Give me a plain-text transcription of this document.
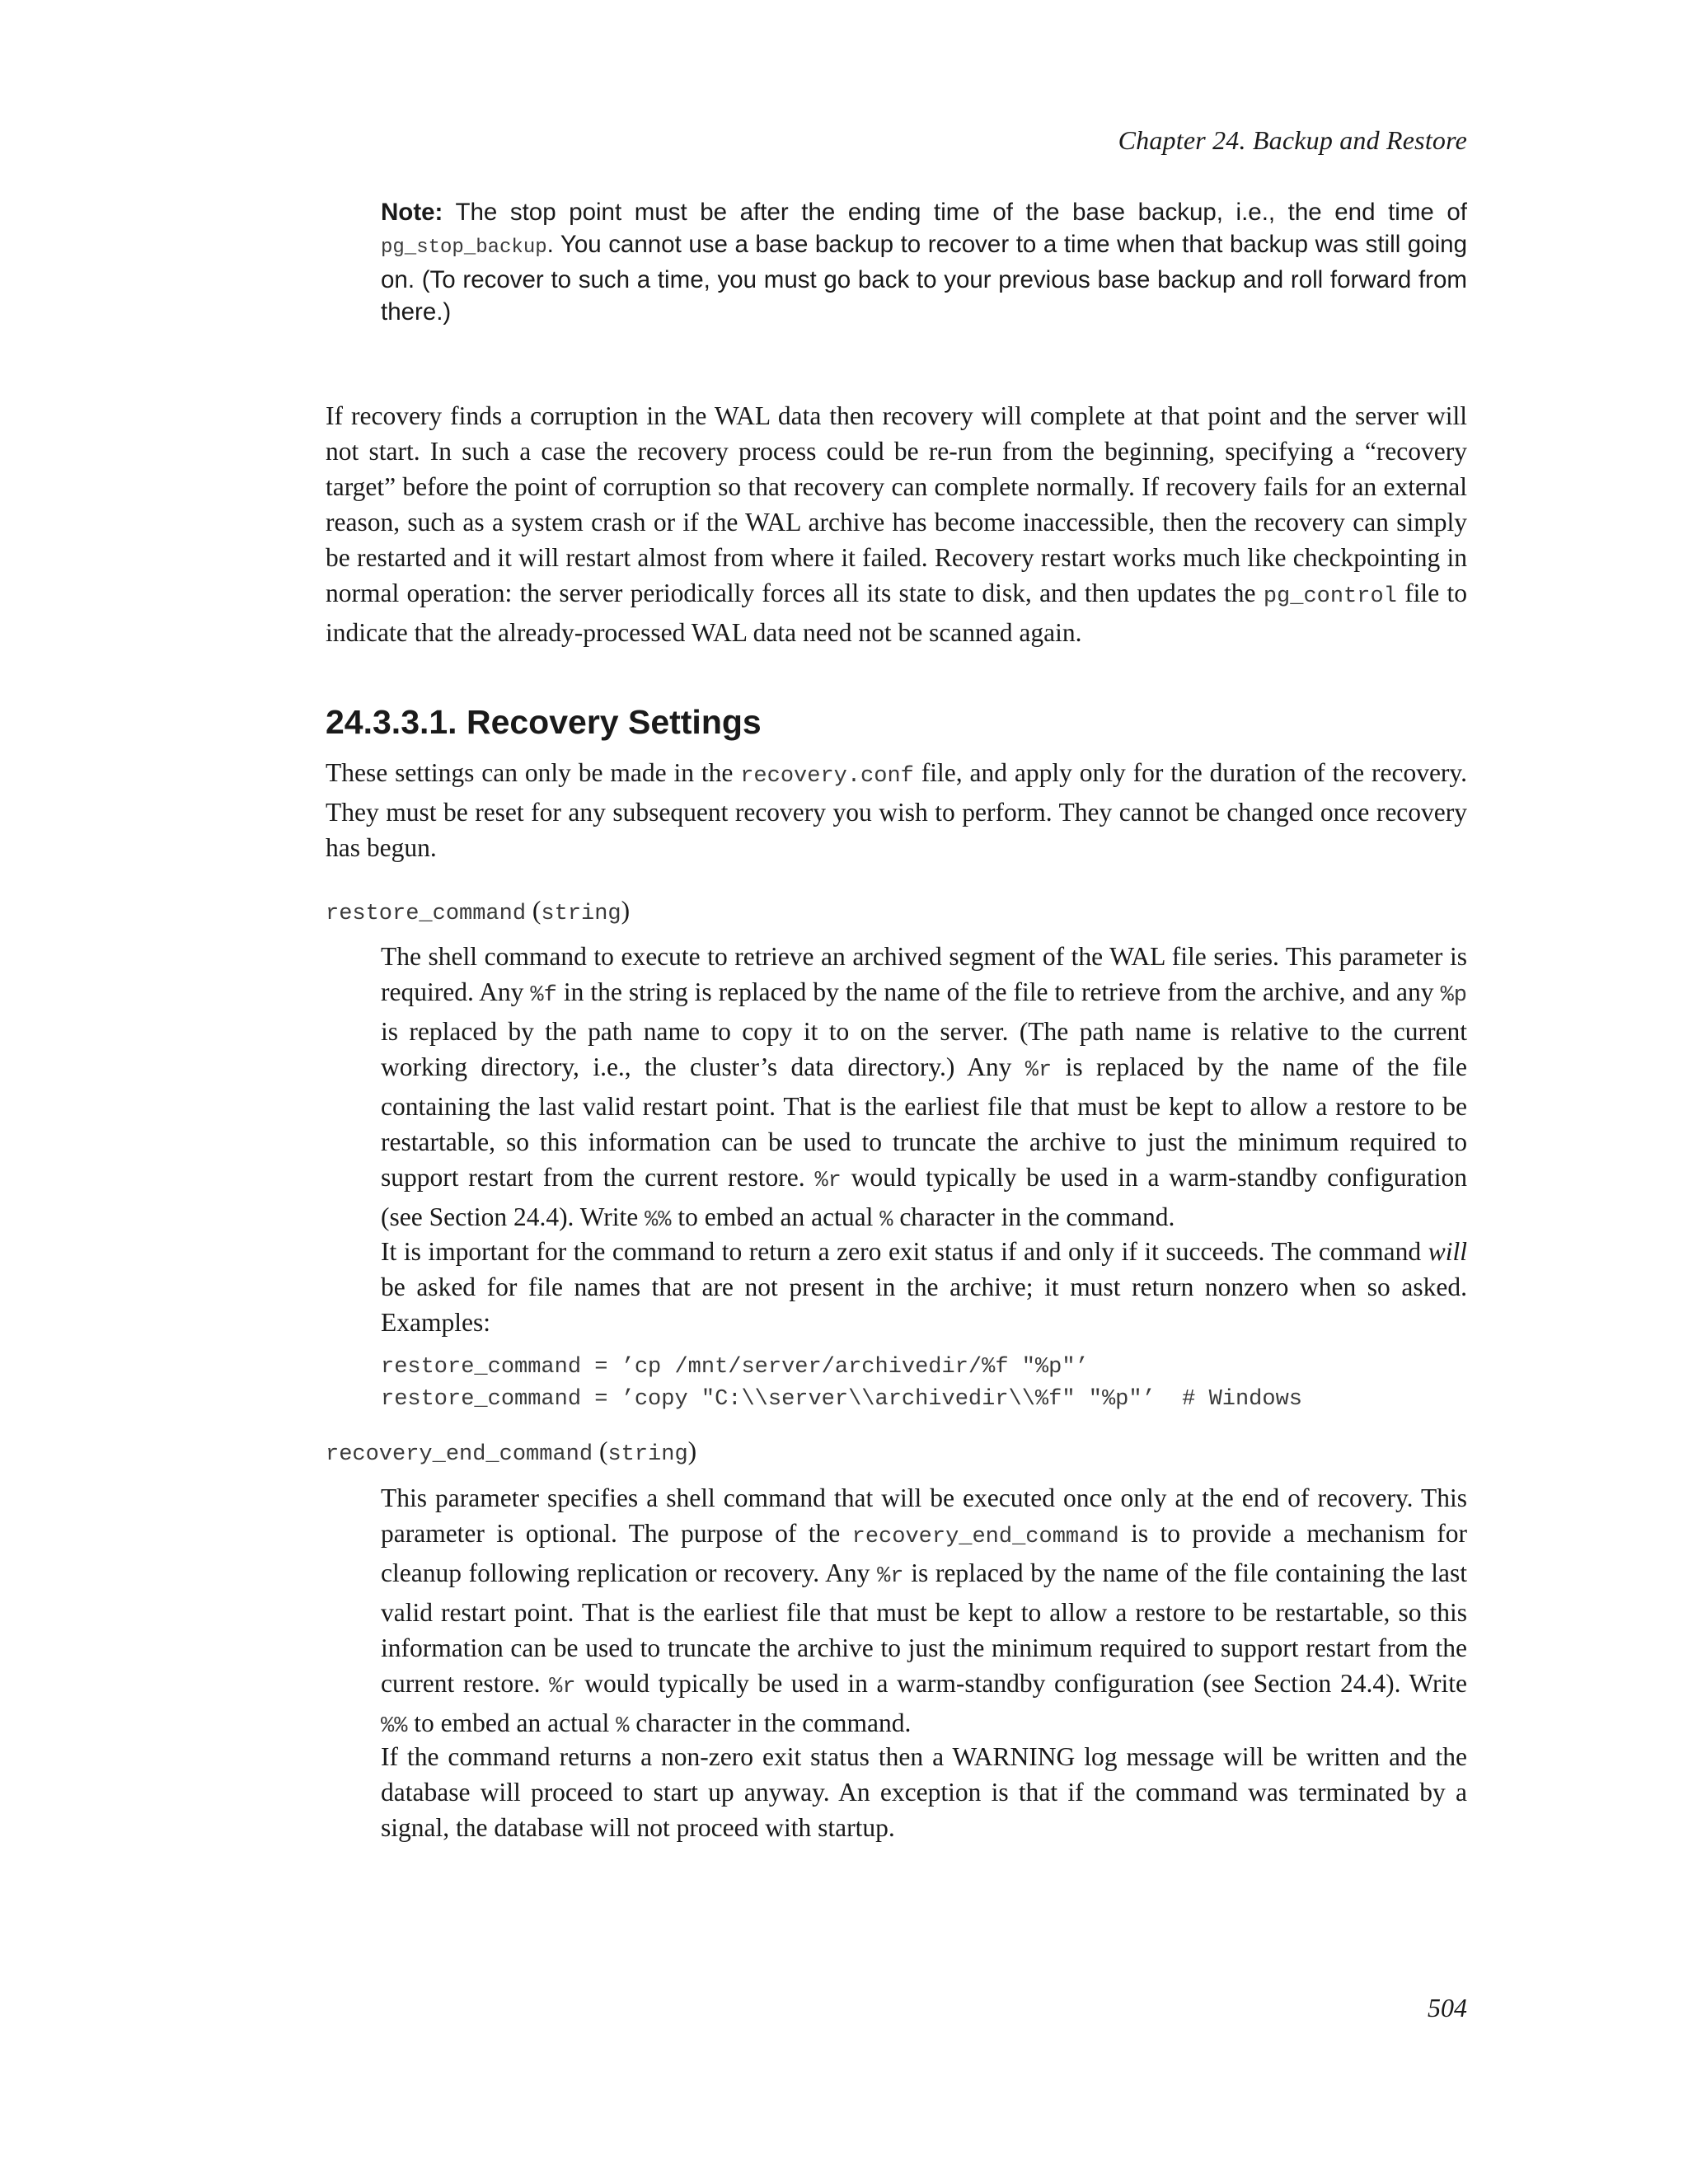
Chapter 24. Backup and Restore

Note: The stop point must be after the ending time of the base backup, i.e., the end time of pg_stop_backup. You cannot use a base backup to recover to a time when that backup was still going on. (To recover to such a time, you must go back to your previous base backup and roll forward from there.)

If recovery finds a corruption in the WAL data then recovery will complete at that point and the server will not start. In such a case the recovery process could be re-run from the beginning, specifying a “recovery target” before the point of corruption so that recovery can complete normally. If recovery fails for an external reason, such as a system crash or if the WAL archive has become inaccessible, then the recovery can simply be restarted and it will restart almost from where it failed. Recovery restart works much like checkpointing in normal operation: the server periodically forces all its state to disk, and then updates the pg_control file to indicate that the already-processed WAL data need not be scanned again.

24.3.3.1. Recovery Settings

These settings can only be made in the recovery.conf file, and apply only for the duration of the recovery. They must be reset for any subsequent recovery you wish to perform. They cannot be changed once recovery has begun.

restore_command (string)

The shell command to execute to retrieve an archived segment of the WAL file series. This parameter is required. Any %f in the string is replaced by the name of the file to retrieve from the archive, and any %p is replaced by the path name to copy it to on the server. (The path name is relative to the current working directory, i.e., the cluster’s data directory.) Any %r is replaced by the name of the file containing the last valid restart point. That is the earliest file that must be kept to allow a restore to be restartable, so this information can be used to truncate the archive to just the minimum required to support restart from the current restore. %r would typically be used in a warm-standby configuration (see Section 24.4). Write %% to embed an actual % character in the command.

It is important for the command to return a zero exit status if and only if it succeeds. The command will be asked for file names that are not present in the archive; it must return nonzero when so asked. Examples:

restore_command = ’cp /mnt/server/archivedir/%f "%p"’
restore_command = ’copy "C:\\server\\archivedir\\%f" "%p"’  # Windows
recovery_end_command (string)

This parameter specifies a shell command that will be executed once only at the end of recovery. This parameter is optional. The purpose of the recovery_end_command is to provide a mechanism for cleanup following replication or recovery. Any %r is replaced by the name of the file containing the last valid restart point. That is the earliest file that must be kept to allow a restore to be restartable, so this information can be used to truncate the archive to just the minimum required to support restart from the current restore. %r would typically be used in a warm-standby configuration (see Section 24.4). Write %% to embed an actual % character in the command.

If the command returns a non-zero exit status then a WARNING log message will be written and the database will proceed to start up anyway. An exception is that if the command was terminated by a signal, the database will not proceed with startup.

504
